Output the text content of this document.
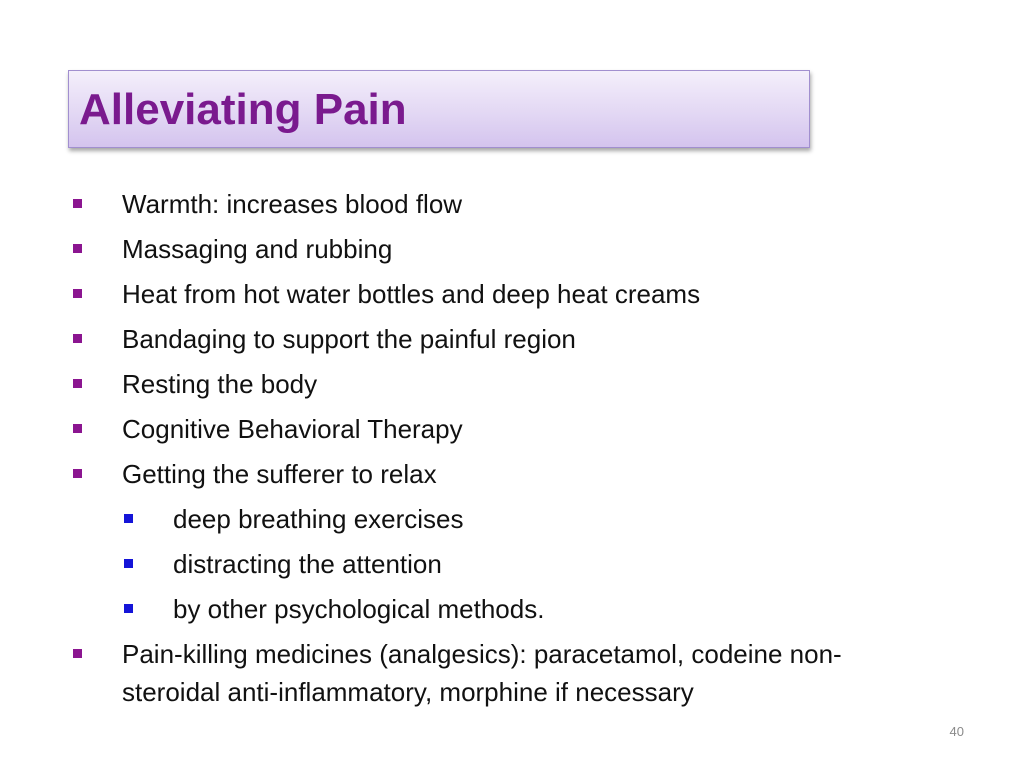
Alleviating Pain
Warmth: increases blood flow
Massaging and rubbing
Heat from hot water bottles and deep heat creams
Bandaging to support the painful region
Resting the body
Cognitive Behavioral Therapy
Getting the sufferer to relax
deep breathing exercises
distracting the attention
by other psychological methods.
Pain-killing medicines (analgesics): paracetamol, codeine non-
steroidal anti-inflammatory, morphine if necessary
40
